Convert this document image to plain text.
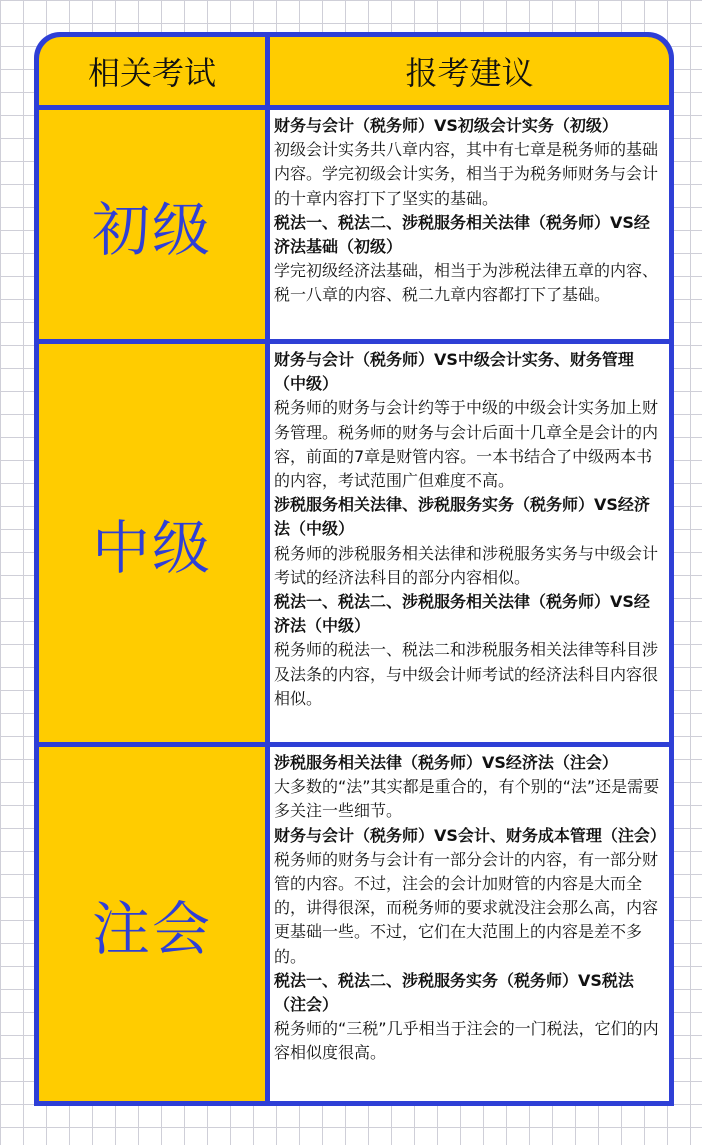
相关考试	报考建议
初级

财务与会计（税务师）VS初级会计实务（初级）

初级会计实务共八章内容，其中有七章是税务师的基础内容。学完初级会计实务，相当于为税务师财务与会计的十章内容打下了坚实的基础。

税法一、税法二、涉税服务相关法律（税务师）VS经济法基础（初级）

学完初级经济法基础，相当于为涉税法律五章的内容、税一八章的内容、税二九章内容都打下了基础。

中级

财务与会计（税务师）VS中级会计实务、财务管理（中级）

税务师的财务与会计约等于中级的中级会计实务加上财务管理。税务师的财务与会计后面十几章全是会计的内容，前面的7章是财管内容。一本书结合了中级两本书的内容，考试范围广但难度不高。

涉税服务相关法律、涉税服务实务（税务师）VS经济法（中级）

税务师的涉税服务相关法律和涉税服务实务与中级会计考试的经济法科目的部分内容相似。

税法一、税法二、涉税服务相关法律（税务师）VS经济法（中级）

税务师的税法一、税法二和涉税服务相关法律等科目涉及法条的内容，与中级会计师考试的经济法科目内容很相似。

注会

涉税服务相关法律（税务师）VS经济法（注会）

大多数的“法”其实都是重合的，有个别的“法”还是需要多关注一些细节。

财务与会计（税务师）VS会计、财务成本管理（注会）

税务师的财务与会计有一部分会计的内容，有一部分财管的内容。不过，注会的会计加财管的内容是大而全的，讲得很深，而税务师的要求就没注会那么高，内容更基础一些。不过，它们在大范围上的内容是差不多的。

税法一、税法二、涉税服务实务（税务师）VS税法（注会）

税务师的“三税”几乎相当于注会的一门税法，它们的内容相似度很高。
